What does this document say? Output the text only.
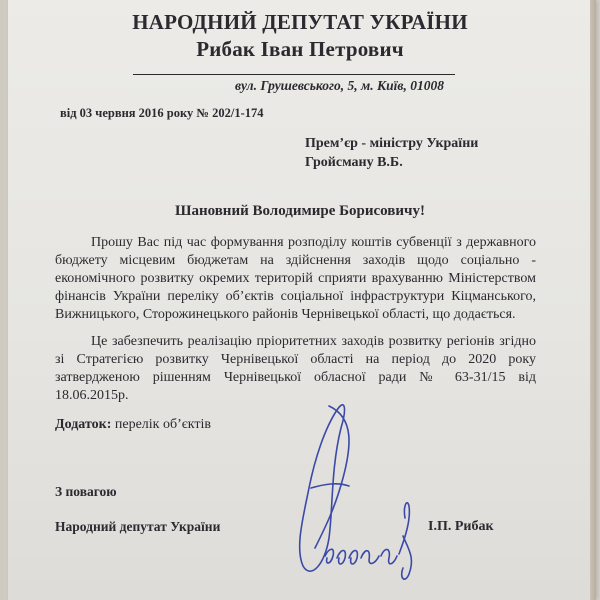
НАРОДНИЙ ДЕПУТАТ УКРАЇНИ
Рибак Іван Петрович
вул. Грушевського, 5, м. Київ, 01008
від 03 червня 2016 року № 202/1-174
Прем’єр - міністру України
Гройсману В.Б.
Шановний Володимире Борисовичу!
Прошу Вас під час формування розподілу коштів субвенції з державного бюджету місцевим бюджетам на здійснення заходів щодо соціально - економічного розвитку окремих територій сприяти врахуванню Міністерством фінансів України переліку об’єктів соціальної інфраструктури Кіцманського, Вижницького, Сторожинецького районів Чернівецької області, що додається.
Це забезпечить реалізацію пріоритетних заходів розвитку регіонів згідно зі Стратегією розвитку Чернівецької області на період до 2020 року затвердженою рішенням Чернівецької обласної ради № 63-31/15 від 18.06.2015р.
Додаток: перелік об’єктів
З повагою
Народний депутат України	І.П. Рибак
